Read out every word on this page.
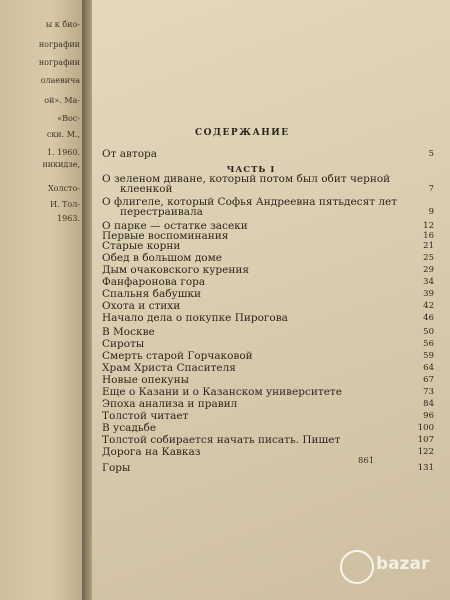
ы к био-
нографии
нографии
олаевича
ой». Ма-
«Вос-
ски. М.,
1. 1960.
никидзе,
Холсто-
И. Тол-
1963.
СОДЕРЖАНИЕ
От автора	5
ЧАСТЬ I
О зеленом диване, который потом был обит черной
клеенкой	7
О флигеле, который Софья Андреевна пятьдесят лет
перестраивала	9
О парке — остатке засеки	12
Первые воспоминания	16
Старые корни	21
Обед в большом доме	25
Дым очаковского курения	29
Фанфаронова гора	34
Спальня бабушки	39
Охота и стихи	42
Начало дела о покупке Пирогова	46
В Москве	50
Сироты	56
Смерть старой Горчаковой	59
Храм Христа Спасителя	64
Новые опекуны	67
Еще о Казани и о Казанском университете	73
Эпоха анализа и правил	84
Толстой читает	96
В усадьбе	100
Толстой собирается начать писать. Пишет	107
Дорога на Кавказ	122
Горы	131
861
bazar
